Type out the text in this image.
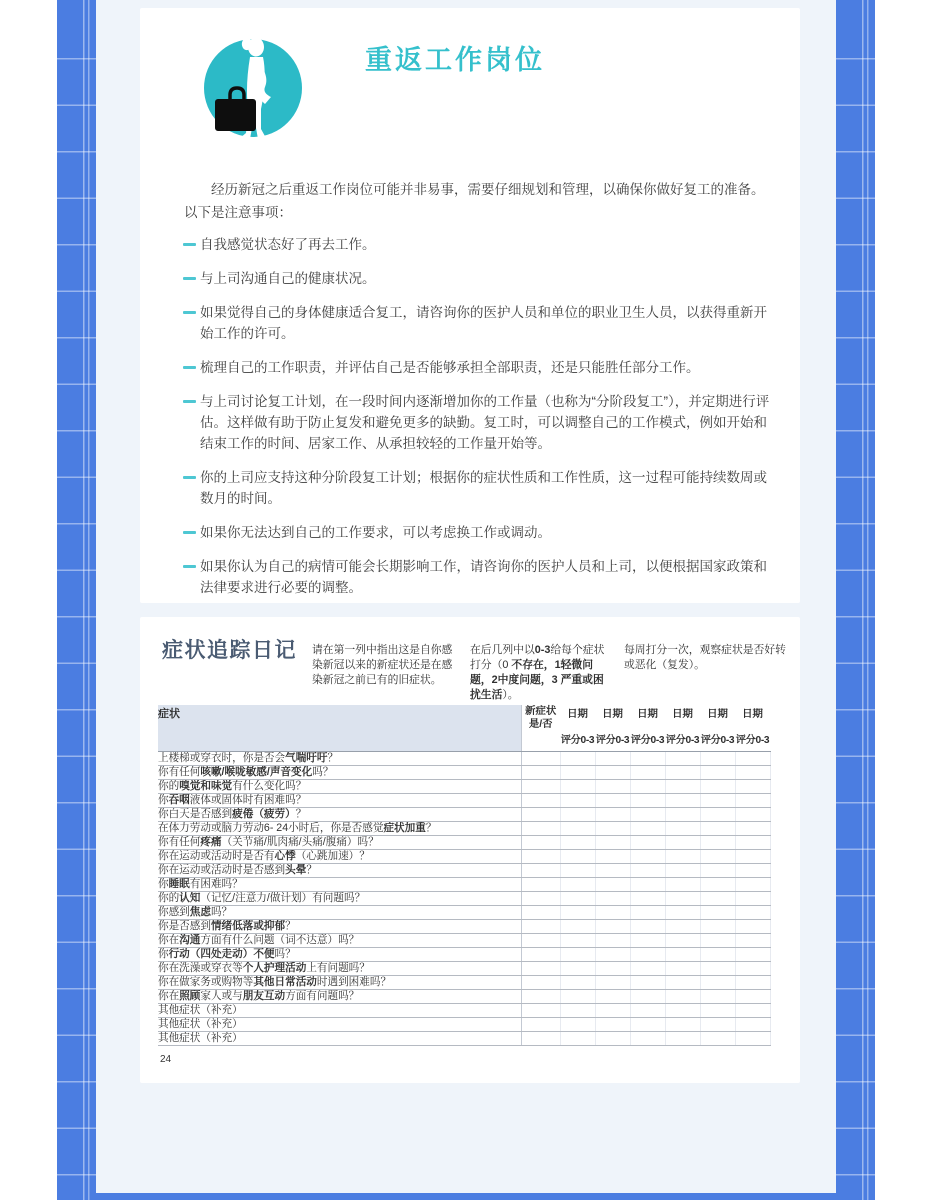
重返工作岗位
经历新冠之后重返工作岗位可能并非易事，需要仔细规划和管理，以确保你做好复工的准备。以下是注意事项：
自我感觉状态好了再去工作。
与上司沟通自己的健康状况。
如果觉得自己的身体健康适合复工，请咨询你的医护人员和单位的职业卫生人员，以获得重新开始工作的许可。
梳理自己的工作职责，并评估自己是否能够承担全部职责，还是只能胜任部分工作。
与上司讨论复工计划，在一段时间内逐渐增加你的工作量（也称为“分阶段复工”），并定期进行评估。这样做有助于防止复发和避免更多的缺勤。复工时，可以调整自己的工作模式，例如开始和结束工作的时间、居家工作、从承担较轻的工作量开始等。
你的上司应支持这种分阶段复工计划；根据你的症状性质和工作性质，这一过程可能持续数周或数月的时间。
如果你无法达到自己的工作要求，可以考虑换工作或调动。
如果你认为自己的病情可能会长期影响工作，请咨询你的医护人员和上司，以便根据国家政策和法律要求进行必要的调整。
症状追踪日记 请在第一列中指出这是自你感染新冠以来的新症状还是在感染新冠之前已有的旧症状。
在后几列中以0-3给每个症状打分（0 不存在，1轻微问题，2中度问题，3 严重或困扰生活）。
每周打分一次，观察症状是否好转或恶化（复发）。
症状	新症状
是/否	日期	日期	日期	日期	日期	日期
		评分0-3	评分0-3	评分0-3	评分0-3	评分0-3	评分0-3
上楼梯或穿衣时，你是否会气喘吁吁？							
你有任何咳嗽/喉咙敏感/声音变化吗？							
你的嗅觉和味觉有什么变化吗？							
你吞咽液体或固体时有困难吗？							
你白天是否感到疲倦（疲劳）？							
在体力劳动或脑力劳动6- 24小时后，你是否感觉症状加重？							
你有任何疼痛（关节痛/肌肉痛/头痛/腹痛）吗？							
你在运动或活动时是否有心悸（心跳加速）？							
你在运动或活动时是否感到头晕？							
你睡眠有困难吗？							
你的认知（记忆/注意力/做计划）有问题吗？							
你感到焦虑吗？							
你是否感到情绪低落或抑郁？							
你在沟通方面有什么问题（词不达意）吗？							
你行动（四处走动）不便吗？							
你在洗澡或穿衣等个人护理活动上有问题吗？							
你在做家务或购物等其他日常活动时遇到困难吗？							
你在照顾家人或与朋友互动方面有问题吗？							
其他症状（补充）							
其他症状（补充）							
其他症状（补充）							
24
